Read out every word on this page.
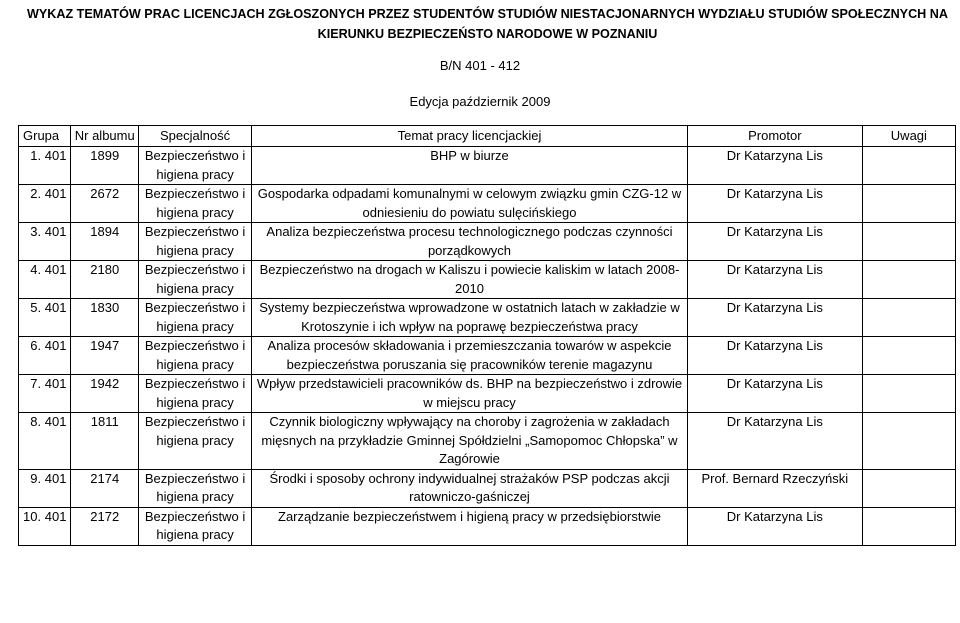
WYKAZ TEMATÓW PRAC LICENCJACH ZGŁOSZONYCH PRZEZ STUDENTÓW STUDIÓW NIESTACJONARNYCH WYDZIAŁU STUDIÓW SPOŁECZNYCH NA KIERUNKU BEZPIECZEŃSTO NARODOWE W POZNANIU
B/N 401 - 412
Edycja październik 2009
Grupa	Nr albumu	Specjalność	Temat pracy licencjackiej	Promotor	Uwagi
1. 401	1899	Bezpieczeństwo i higiena pracy	BHP w biurze	Dr Katarzyna Lis	
2. 401	2672	Bezpieczeństwo i higiena pracy	Gospodarka odpadami komunalnymi w celowym związku gmin CZG-12 w odniesieniu do powiatu sulęcińskiego	Dr Katarzyna Lis	
3. 401	1894	Bezpieczeństwo i higiena pracy	Analiza bezpieczeństwa procesu technologicznego podczas czynności porządkowych	Dr Katarzyna Lis	
4. 401	2180	Bezpieczeństwo i higiena pracy	Bezpieczeństwo na drogach w Kaliszu i powiecie kaliskim w latach 2008-2010	Dr Katarzyna Lis	
5. 401	1830	Bezpieczeństwo i higiena pracy	Systemy bezpieczeństwa wprowadzone w ostatnich latach w zakładzie w Krotoszynie i ich wpływ na poprawę bezpieczeństwa pracy	Dr Katarzyna Lis	
6. 401	1947	Bezpieczeństwo i higiena pracy	Analiza procesów składowania i przemieszczania towarów w aspekcie bezpieczeństwa poruszania się pracowników terenie magazynu	Dr Katarzyna Lis	
7. 401	1942	Bezpieczeństwo i higiena pracy	Wpływ przedstawicieli pracowników ds. BHP na bezpieczeństwo i zdrowie w miejscu pracy	Dr Katarzyna Lis	
8. 401	1811	Bezpieczeństwo i higiena pracy	Czynnik biologiczny wpływający na choroby i zagrożenia w zakładach mięsnych na przykładzie Gminnej Spółdzielni „Samopomoc Chłopska” w Zagórowie	Dr Katarzyna Lis	
9. 401	2174	Bezpieczeństwo i higiena pracy	Środki i sposoby ochrony indywidualnej strażaków PSP podczas akcji ratowniczo-gaśniczej	Prof. Bernard Rzeczyński	
10. 401	2172	Bezpieczeństwo i higiena pracy	Zarządzanie bezpieczeństwem i higieną pracy w przedsiębiorstwie	Dr Katarzyna Lis	
